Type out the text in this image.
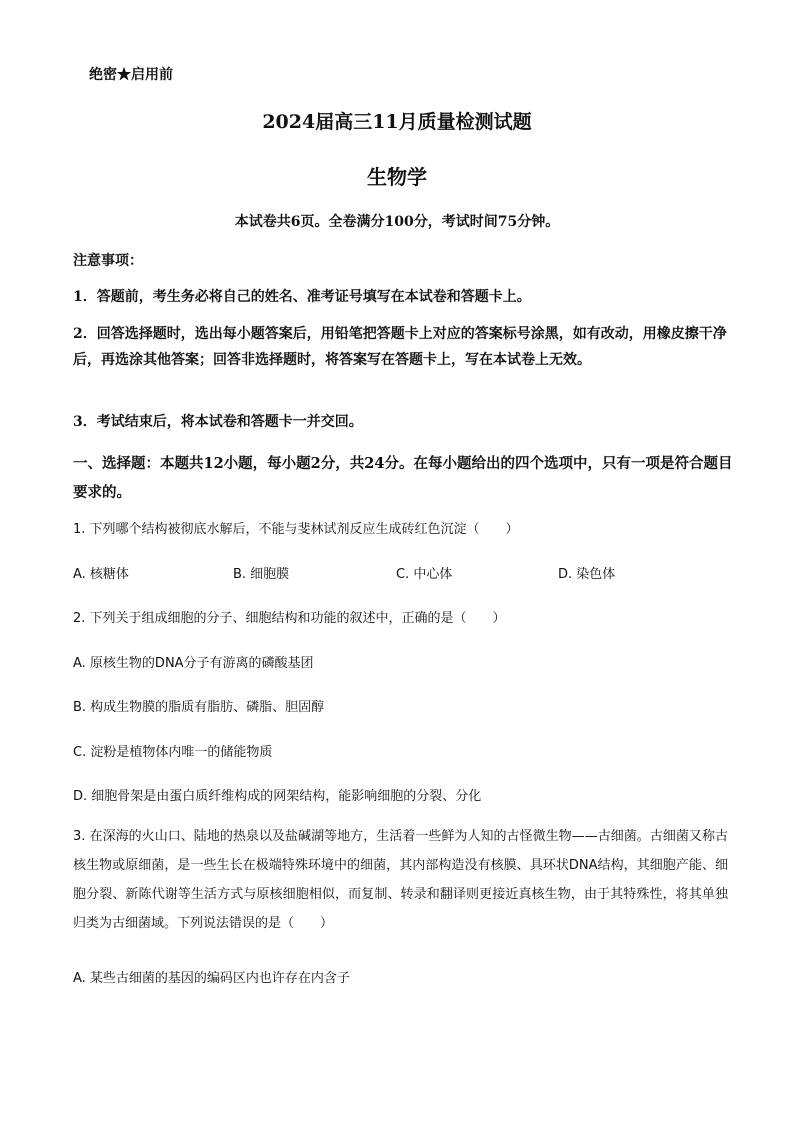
绝密★启用前
2024届高三11月质量检测试题
生物学
本试卷共6页。全卷满分100分，考试时间75分钟。
注意事项：
1．答题前，考生务必将自己的姓名、准考证号填写在本试卷和答题卡上。
2．回答选择题时，选出每小题答案后，用铅笔把答题卡上对应的答案标号涂黑，如有改动，用橡皮擦干净后，再选涂其他答案；回答非选择题时，将答案写在答题卡上，写在本试卷上无效。
3．考试结束后，将本试卷和答题卡一并交回。
一、选择题：本题共12小题，每小题2分，共24分。在每小题给出的四个选项中，只有一项是符合题目要求的。
1. 下列哪个结构被彻底水解后，不能与斐林试剂反应生成砖红色沉淀（　　）
A. 核糖体	B. 细胞膜	C. 中心体	D. 染色体
2. 下列关于组成细胞的分子、细胞结构和功能的叙述中，正确的是（　　）
A. 原核生物的DNA分子有游离的磷酸基团
B. 构成生物膜的脂质有脂肪、磷脂、胆固醇
C. 淀粉是植物体内唯一的储能物质
D. 细胞骨架是由蛋白质纤维构成的网架结构，能影响细胞的分裂、分化
3. 在深海的火山口、陆地的热泉以及盐碱湖等地方，生活着一些鲜为人知的古怪微生物——古细菌。古细菌又称古核生物或原细菌，是一些生长在极端特殊环境中的细菌，其内部构造没有核膜、具环状DNA结构，其细胞产能、细胞分裂、新陈代谢等生活方式与原核细胞相似，而复制、转录和翻译则更接近真核生物，由于其特殊性，将其单独归类为古细菌域。下列说法错误的是（　　）
A. 某些古细菌的基因的编码区内也许存在内含子
